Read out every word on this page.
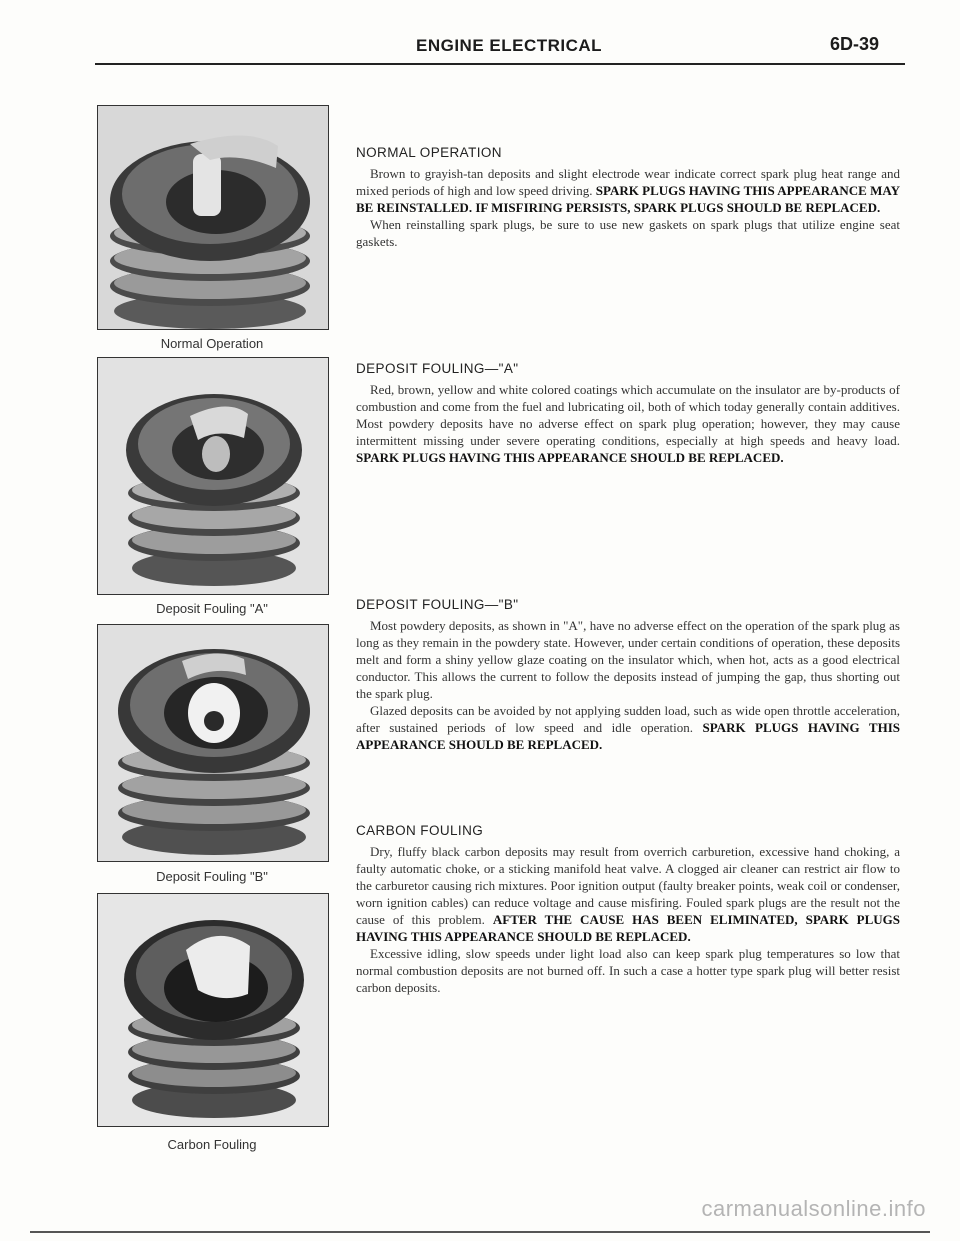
ENGINE ELECTRICAL	6D-39
Normal Operation
Deposit Fouling "A"
Deposit Fouling "B"
Carbon Fouling
NORMAL OPERATION

Brown to grayish-tan deposits and slight electrode wear indicate correct spark plug heat range and mixed periods of high and low speed driving. SPARK PLUGS HAVING THIS APPEARANCE MAY BE REINSTALLED. IF MISFIRING PERSISTS, SPARK PLUGS SHOULD BE REPLACED.

When reinstalling spark plugs, be sure to use new gaskets on spark plugs that utilize engine seat gaskets.

DEPOSIT FOULING—"A"

Red, brown, yellow and white colored coatings which accumulate on the insulator are by-products of combustion and come from the fuel and lubricating oil, both of which today generally contain additives. Most powdery deposits have no adverse effect on spark plug operation; however, they may cause intermittent missing under severe operating conditions, especially at high speeds and heavy load. SPARK PLUGS HAVING THIS APPEARANCE SHOULD BE REPLACED.

DEPOSIT FOULING—"B"

Most powdery deposits, as shown in "A", have no adverse effect on the operation of the spark plug as long as they remain in the powdery state. However, under certain conditions of operation, these deposits melt and form a shiny yellow glaze coating on the insulator which, when hot, acts as a good electrical conductor. This allows the current to follow the deposits instead of jumping the gap, thus shorting out the spark plug.

Glazed deposits can be avoided by not applying sudden load, such as wide open throttle acceleration, after sustained periods of low speed and idle operation. SPARK PLUGS HAVING THIS APPEARANCE SHOULD BE REPLACED.

CARBON FOULING

Dry, fluffy black carbon deposits may result from overrich carburetion, excessive hand choking, a faulty automatic choke, or a sticking manifold heat valve. A clogged air cleaner can restrict air flow to the carburetor causing rich mixtures. Poor ignition output (faulty breaker points, weak coil or condenser, worn ignition cables) can reduce voltage and cause misfiring. Fouled spark plugs are the result not the cause of this problem. AFTER THE CAUSE HAS BEEN ELIMINATED, SPARK PLUGS HAVING THIS APPEARANCE SHOULD BE REPLACED.

Excessive idling, slow speeds under light load also can keep spark plug temperatures so low that normal combustion deposits are not burned off. In such a case a hotter type spark plug will better resist carbon deposits.

carmanualsonline.info
